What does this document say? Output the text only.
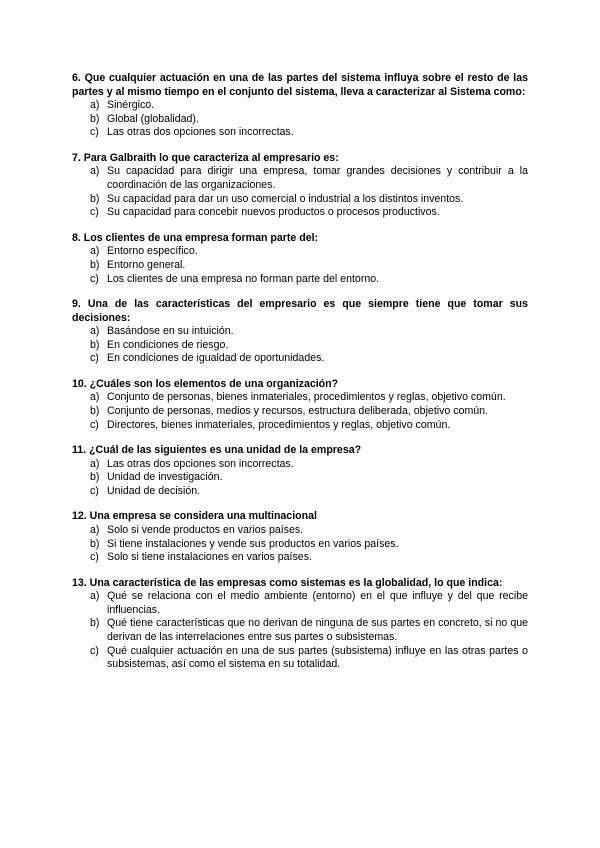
6. Que cualquier actuación en una de las partes del sistema influya sobre el resto de las partes y al mismo tiempo en el conjunto del sistema, lleva a caracterizar al Sistema como:
a) Sinérgico.
b) Global (globalidad).
c) Las otras dos opciones son incorrectas.
7. Para Galbraith lo que caracteriza al empresario es:
a) Su capacidad para dirigir una empresa, tomar grandes decisiones y contribuir a la coordinación de las organizaciones.
b) Su capacidad para dar un uso comercial o industrial a los distintos inventos.
c) Su capacidad para concebir nuevos productos o procesos productivos.
8. Los clientes de una empresa forman parte del:
a) Entorno específico.
b) Entorno general.
c) Los clientes de una empresa no forman parte del entorno.
9. Una de las características del empresario es que siempre tiene que tomar sus decisiones:
a) Basándose en su intuición.
b) En condiciones de riesgo.
c) En condiciones de igualdad de oportunidades.
10. ¿Cuáles son los elementos de una organización?
a) Conjunto de personas, bienes inmateriales, procedimientos y reglas, objetivo común.
b) Conjunto de personas, medios y recursos, estructura deliberada, objetivo común.
c) Directores, bienes inmateriales, procedimientos y reglas, objetivo común.
11. ¿Cuál de las siguientes es una unidad de la empresa?
a) Las otras dos opciones son incorrectas.
b) Unidad de investigación.
c) Unidad de decisión.
12. Una empresa se considera una multinacional
a) Solo si vende productos en varios países.
b) Si tiene instalaciones y vende sus productos en varios países.
c) Solo si tiene instalaciones en varios países.
13. Una característica de las empresas como sistemas es la globalidad, lo que indica:
a) Qué se relaciona con el medio ambiente (entorno) en el que influye y del que recibe influencias.
b) Qué tiene características que no derivan de ninguna de sus partes en concreto, si no que derivan de las interrelaciones entre sus partes o subsistemas.
c) Qué cualquier actuación en una de sus partes (subsistema) influye en las otras partes o subsistemas, así como el sistema en su totalidad.
